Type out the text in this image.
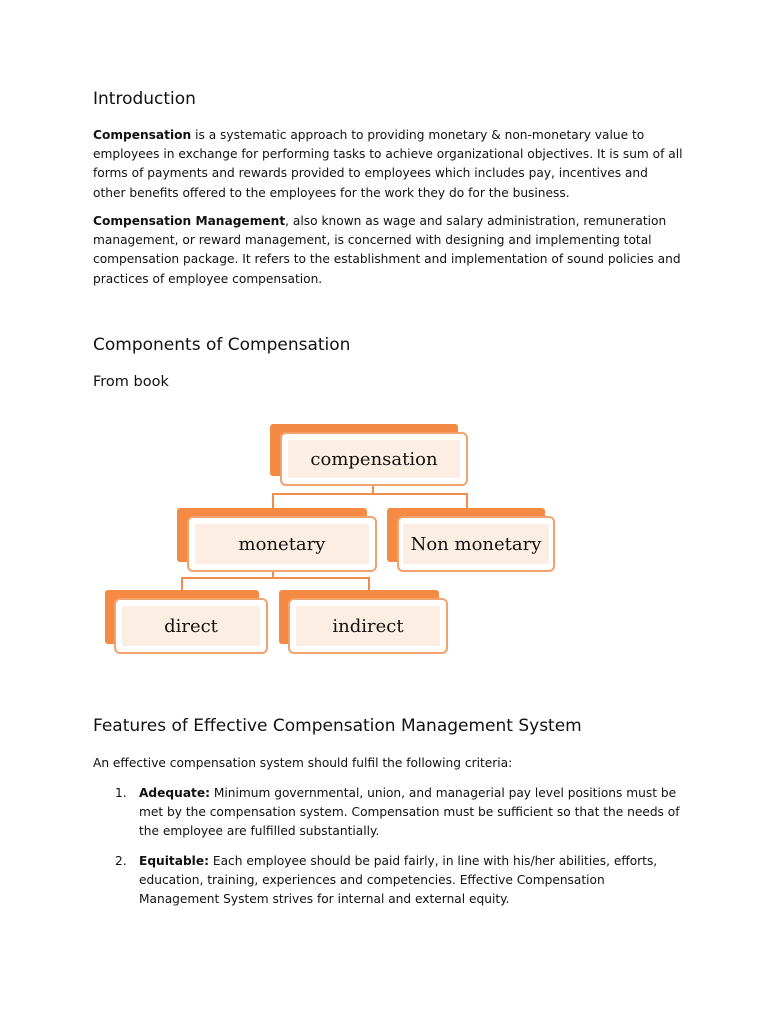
Introduction

Compensation is a systematic approach to providing monetary & non-monetary value to employees in exchange for performing tasks to achieve organizational objectives. It is sum of all forms of payments and rewards provided to employees which includes pay, incentives and other benefits offered to the employees for the work they do for the business.

Compensation Management, also known as wage and salary administration, remuneration management, or reward management, is concerned with designing and implementing total compensation package. It refers to the establishment and implementation of sound policies and practices of employee compensation.

Components of Compensation
From book
compensation
monetary	Non monetary
direct	indirect
Features of Effective Compensation Management System

An effective compensation system should fulfil the following criteria:

1. Adequate: Minimum governmental, union, and managerial pay level positions must be met by the compensation system. Compensation must be sufficient so that the needs of the employee are fulfilled substantially.
2. Equitable: Each employee should be paid fairly, in line with his/her abilities, efforts, education, training, experiences and competencies. Effective Compensation Management System strives for internal and external equity.
